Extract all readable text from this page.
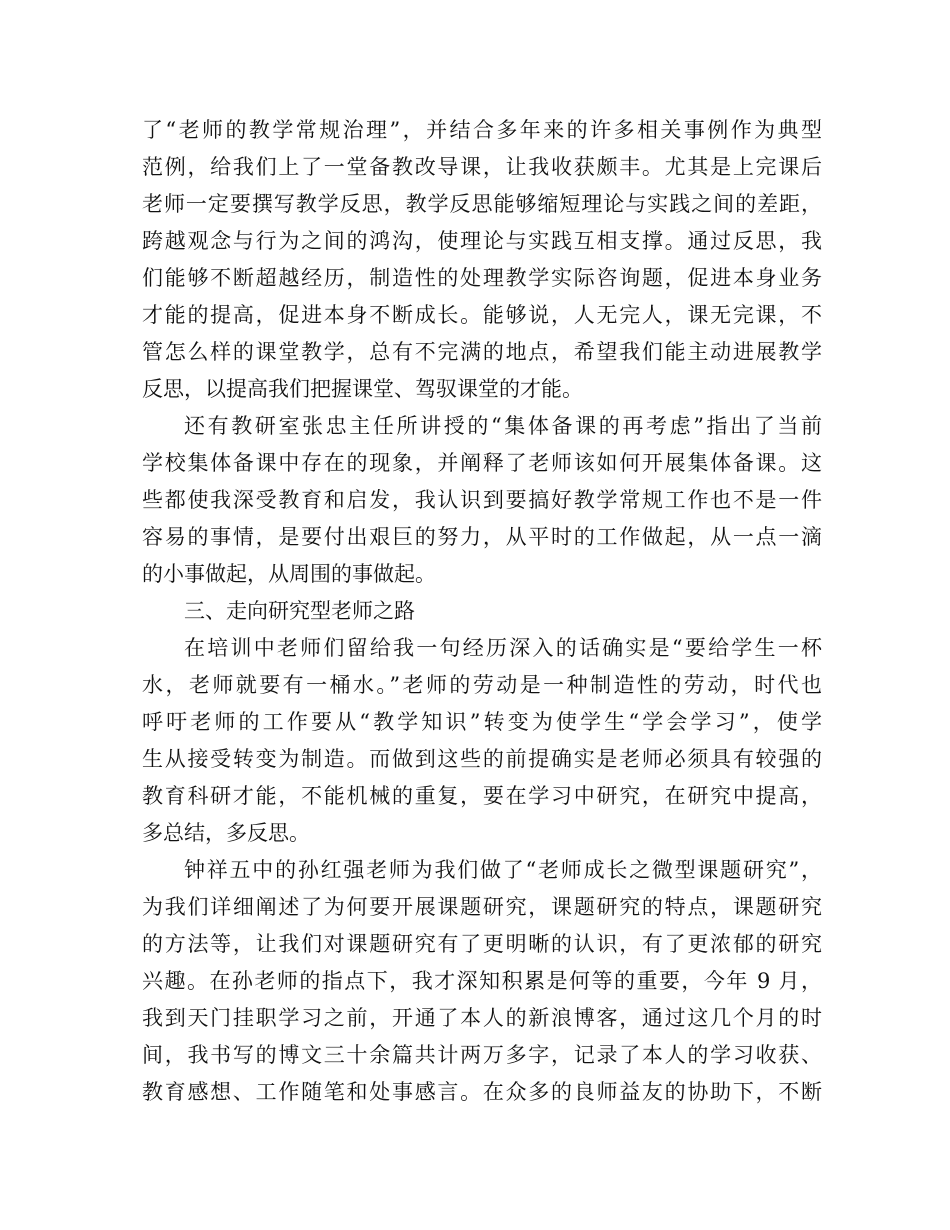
了“老师的教学常规治理”，并结合多年来的许多相关事例作为典型
范例，给我们上了一堂备教改导课，让我收获颇丰。尤其是上完课后
老师一定要撰写教学反思，教学反思能够缩短理论与实践之间的差距，
跨越观念与行为之间的鸿沟，使理论与实践互相支撑。通过反思，我
们能够不断超越经历，制造性的处理教学实际咨询题，促进本身业务
才能的提高，促进本身不断成长。能够说，人无完人，课无完课，不
管怎么样的课堂教学，总有不完满的地点，希望我们能主动进展教学
反思，以提高我们把握课堂、驾驭课堂的才能。
还有教研室张忠主任所讲授的“集体备课的再考虑”指出了当前
学校集体备课中存在的现象，并阐释了老师该如何开展集体备课。这
些都使我深受教育和启发，我认识到要搞好教学常规工作也不是一件
容易的事情，是要付出艰巨的努力，从平时的工作做起，从一点一滴
的小事做起，从周围的事做起。
三、走向研究型老师之路
在培训中老师们留给我一句经历深入的话确实是“要给学生一杯
水，老师就要有一桶水。”老师的劳动是一种制造性的劳动，时代也
呼吁老师的工作要从“教学知识”转变为使学生“学会学习”，使学
生从接受转变为制造。而做到这些的前提确实是老师必须具有较强的
教育科研才能，不能机械的重复，要在学习中研究，在研究中提高，
多总结，多反思。
钟祥五中的孙红强老师为我们做了“老师成长之微型课题研究”，
为我们详细阐述了为何要开展课题研究，课题研究的特点，课题研究
的方法等，让我们对课题研究有了更明晰的认识，有了更浓郁的研究
兴趣。在孙老师的指点下，我才深知积累是何等的重要，今年 9 月，
我到天门挂职学习之前，开通了本人的新浪博客，通过这几个月的时
间，我书写的博文三十余篇共计两万多字，记录了本人的学习收获、
教育感想、工作随笔和处事感言。在众多的良师益友的协助下，不断
